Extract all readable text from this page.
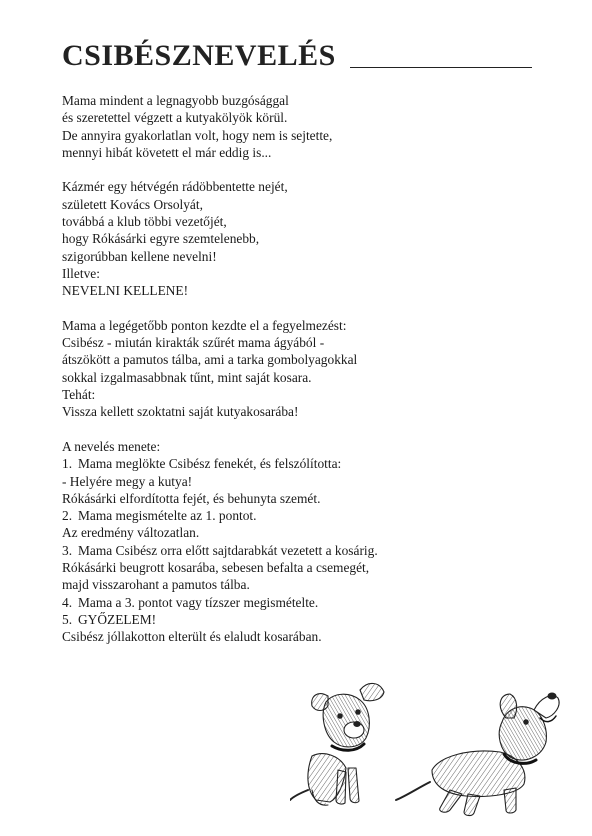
CSIBÉSZNEVELÉS
Mama mindent a legnagyobb buzgósággal
és szeretettel végzett a kutyakölyök körül.
De annyira gyakorlatlan volt, hogy nem is sejtette,
mennyi hibát követett el már eddig is...
Kázmér egy hétvégén rádöbbentette nejét,
született Kovács Orsolyát,
továbbá a klub többi vezetőjét,
hogy Rókásárki egyre szemtelenebb,
szigorúbban kellene nevelni!
Illetve:
NEVELNI KELLENE!
Mama a legégetőbb ponton kezdte el a fegyelmezést:
Csibész - miután kirakták szűrét mama ágyából -
átszökött a pamutos tálba, ami a tarka gombolyagokkal
sokkal izgalmasabbnak tűnt, mint saját kosara.
Tehát:
Vissza kellett szoktatni saját kutyakosarába!
A nevelés menete:
1. Mama meglökte Csibész fenekét, és felszólította:
- Helyére megy a kutya!
Rókásárki elfordította fejét, és behunyta szemét.
2. Mama megismételte az 1. pontot.
Az eredmény változatlan.
3. Mama Csibész orra előtt sajtdarabkát vezetett a kosárig.
Rókásárki beugrott kosarába, sebesen befalta a csemegét,
majd visszarohant a pamutos tálba.
4. Mama a 3. pontot vagy tízszer megismételte.
5. GYŐZELEM!
Csibész jóllakotton elterült és elaludt kosarában.
